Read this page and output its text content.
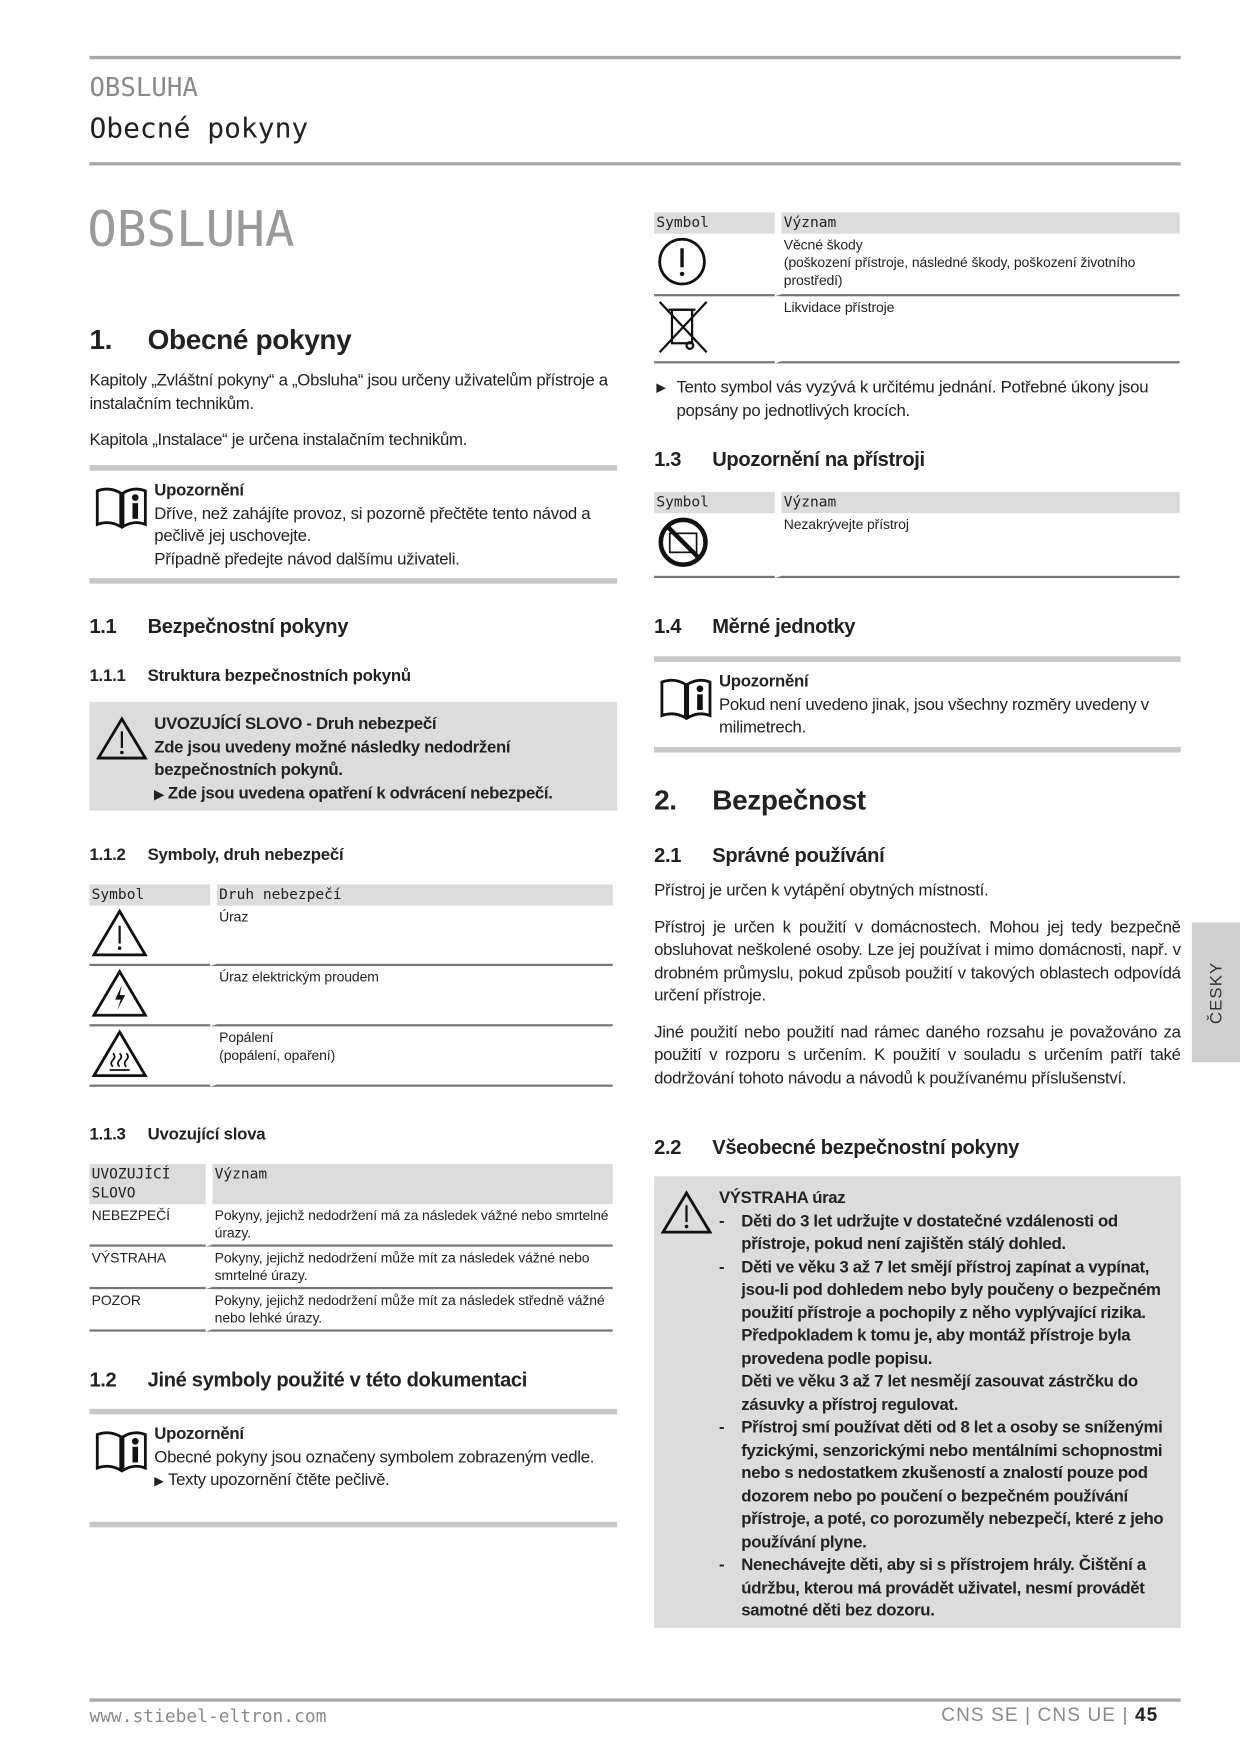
OBSLUHA
Obecné pokyny
OBSLUHA
1. Obecné pokyny

Kapitoly „Zvláštní pokyny“ a „Obsluha“ jsou určeny uživatelům přístroje a instalačním technikům.

Kapitola „Instalace“ je určena instalačním technikům.

Upozornění
Dříve, než zahájíte provoz, si pozorně přečtěte tento návod a pečlivě jej uschovejte.
Případně předejte návod dalšímu uživateli.
1.1 Bezpečnostní pokyny
1.1.1 Struktura bezpečnostních pokynů
UVOZUJÍCÍ SLOVO - Druh nebezpečí
Zde jsou uvedeny možné následky nedodržení bezpečnostních pokynů.
▶ Zde jsou uvedena opatření k odvrácení nebezpečí.
1.1.2 Symboly, druh nebezpečí
Symbol	Druh nebezpečí
	Úraz
	Úraz elektrickým proudem
	Popálení
(popálení, opaření)
1.1.3 Uvozující slova
UVOZUJÍCÍ SLOVO	Význam
NEBEZPEČÍ	Pokyny, jejichž nedodržení má za následek vážné nebo smrtelné úrazy.
VÝSTRAHA	Pokyny, jejichž nedodržení může mít za následek vážné nebo smrtelné úrazy.
POZOR	Pokyny, jejichž nedodržení může mít za následek středně vážné nebo lehké úrazy.
1.2 Jiné symboly použité v této dokumentaci
Upozornění
Obecné pokyny jsou označeny symbolem zobrazeným vedle.
▶ Texty upozornění čtěte pečlivě.
Symbol	Význam
	Věcné škody
(poškození přístroje, následné škody, poškození životního prostředí)
	Likvidace přístroje
▶ Tento symbol vás vyzývá k určitému jednání. Potřebné úkony jsou popsány po jednotlivých krocích.
1.3 Upozornění na přístroji
Symbol	Význam
	Nezakrývejte přístroj
1.4 Měrné jednotky
Upozornění
Pokud není uvedeno jinak, jsou všechny rozměry uvedeny v milimetrech.
2. Bezpečnost
2.1 Správné používání

Přístroj je určen k vytápění obytných místností.

Přístroj je určen k použití v domácnostech. Mohou jej tedy bezpečně obsluhovat neškolené osoby. Lze jej používat i mimo domácnosti, např. v drobném průmyslu, pokud způsob použití v takových oblastech odpovídá určení přístroje.

Jiné použití nebo použití nad rámec daného rozsahu je považováno za použití v rozporu s určením. K použití v souladu s určením patří také dodržování tohoto návodu a návodů k používanému příslušenství.

2.2 Všeobecné bezpečnostní pokyny
VÝSTRAHA úraz
- Děti do 3 let udržujte v dostatečné vzdálenosti od přístroje, pokud není zajištěn stálý dohled.
- Děti ve věku 3 až 7 let smějí přístroj zapínat a vypínat, jsou-li pod dohledem nebo byly poučeny o bezpečném použití přístroje a pochopily z něho vyplývající rizika. Předpokladem k tomu je, aby montáž přístroje byla provedena podle popisu.
Děti ve věku 3 až 7 let nesmějí zasouvat zástrčku do zásuvky a přístroj regulovat.
- Přístroj smí používat děti od 8 let a osoby se sníženými fyzickými, senzorickými nebo mentálními schopnostmi nebo s nedostatkem zkušeností a znalostí pouze pod dozorem nebo po poučení o bezpečném používání přístroje, a poté, co porozuměly nebezpečí, které z jeho používání plyne.
- Nenechávejte děti, aby si s přístrojem hrály. Čištění a údržbu, kterou má provádět uživatel, nesmí provádět samotné děti bez dozoru.
ČESKY
www.stiebel-eltron.com	CNS SE | CNS UE | 45
